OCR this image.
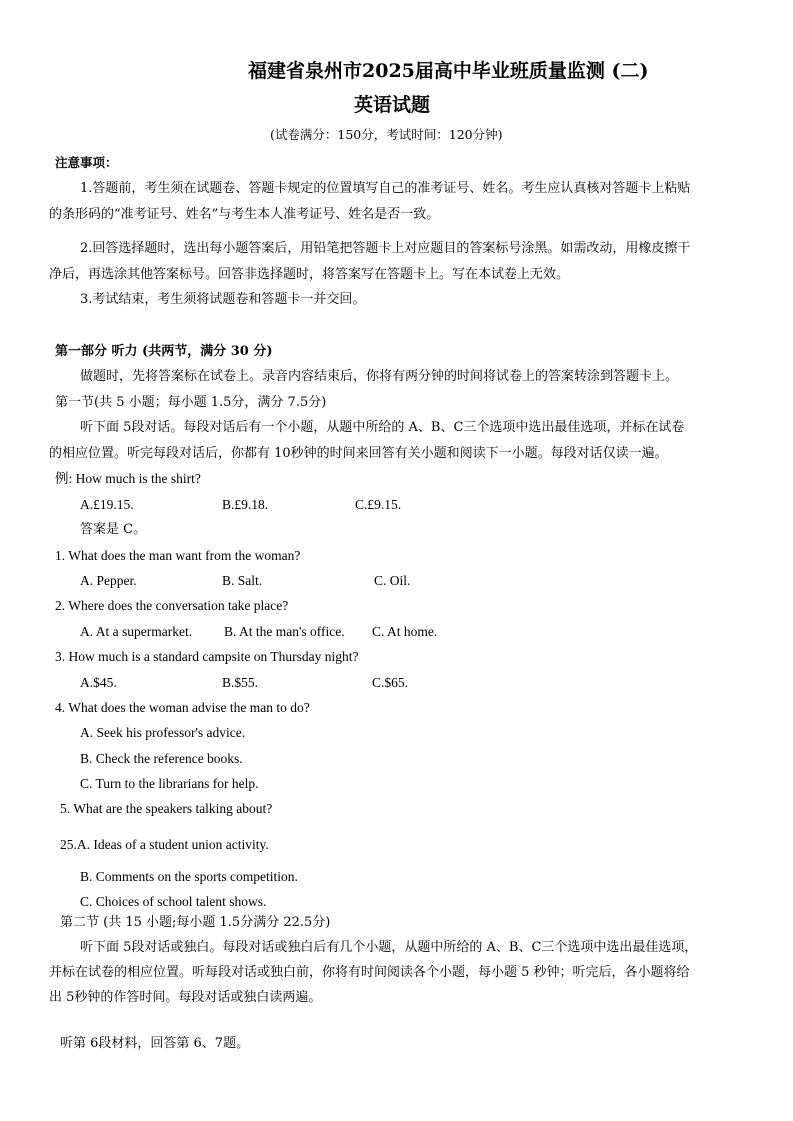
福建省泉州市2025届高中毕业班质量监测 (二)
英语试题
(试卷满分：150分，考试时间：120分钟)
注意事项：
1.答题前，考生须在试题卷、答题卡规定的位置填写自己的准考证号、姓名。考生应认真核对答题卡上粘贴
的条形码的“准考证号、姓名”与考生本人准考证号、姓名是否一致。
2.回答选择题时，选出每小题答案后，用铅笔把答题卡上对应题目的答案标号涂黑。如需改动，用橡皮擦干
净后，再选涂其他答案标号。回答非选择题时，将答案写在答题卡上。写在本试卷上无效。
3.考试结束，考生须将试题卷和答题卡一并交回。
第一部分 听力 (共两节，满分 30 分)
做题时，先将答案标在试卷上。录音内容结束后，你将有两分钟的时间将试卷上的答案转涂到答题卡上。
第一节(共 5 小题；每小题 1.5分，满分 7.5分)
听下面 5段对话。每段对话后有一个小题，从题中所给的 A、B、C三个选项中选出最佳选项，并标在试卷
的相应位置。听完每段对话后，你都有 10秒钟的时间来回答有关小题和阅读下一小题。每段对话仅读一遍。
例: How much is the shirt?
A.£19.15.	B.£9.18.	C.£9.15.
答案是 C。
1. What does the man want from the woman?
A. Pepper.	B. Salt.	C. Oil.
2. Where does the conversation take place?
A. At a supermarket. B. At the man's office. C. At home.
3. How much is a standard campsite on Thursday night?
A.$45.	B.$55.	C.$65.
4. What does the woman advise the man to do?
A. Seek his professor's advice.
B. Check the reference books.
C. Turn to the librarians for help.
5. What are the speakers talking about?
25.A. Ideas of a student union activity.
B. Comments on the sports competition.
C. Choices of school talent shows.
第二节 (共 15 小题;每小题 1.5分满分 22.5分)
听下面 5段对话或独白。每段对话或独白后有几个小题，从题中所给的 A、B、C三个选项中选出最佳选项，
并标在试卷的相应位置。听每段对话或独白前，你将有时间阅读各个小题，每小题 5 秒钟；听完后，各小题将给
出 5秒钟的作答时间。每段对话或独白读两遍。
听第 6段材料，回答第 6、7题。
